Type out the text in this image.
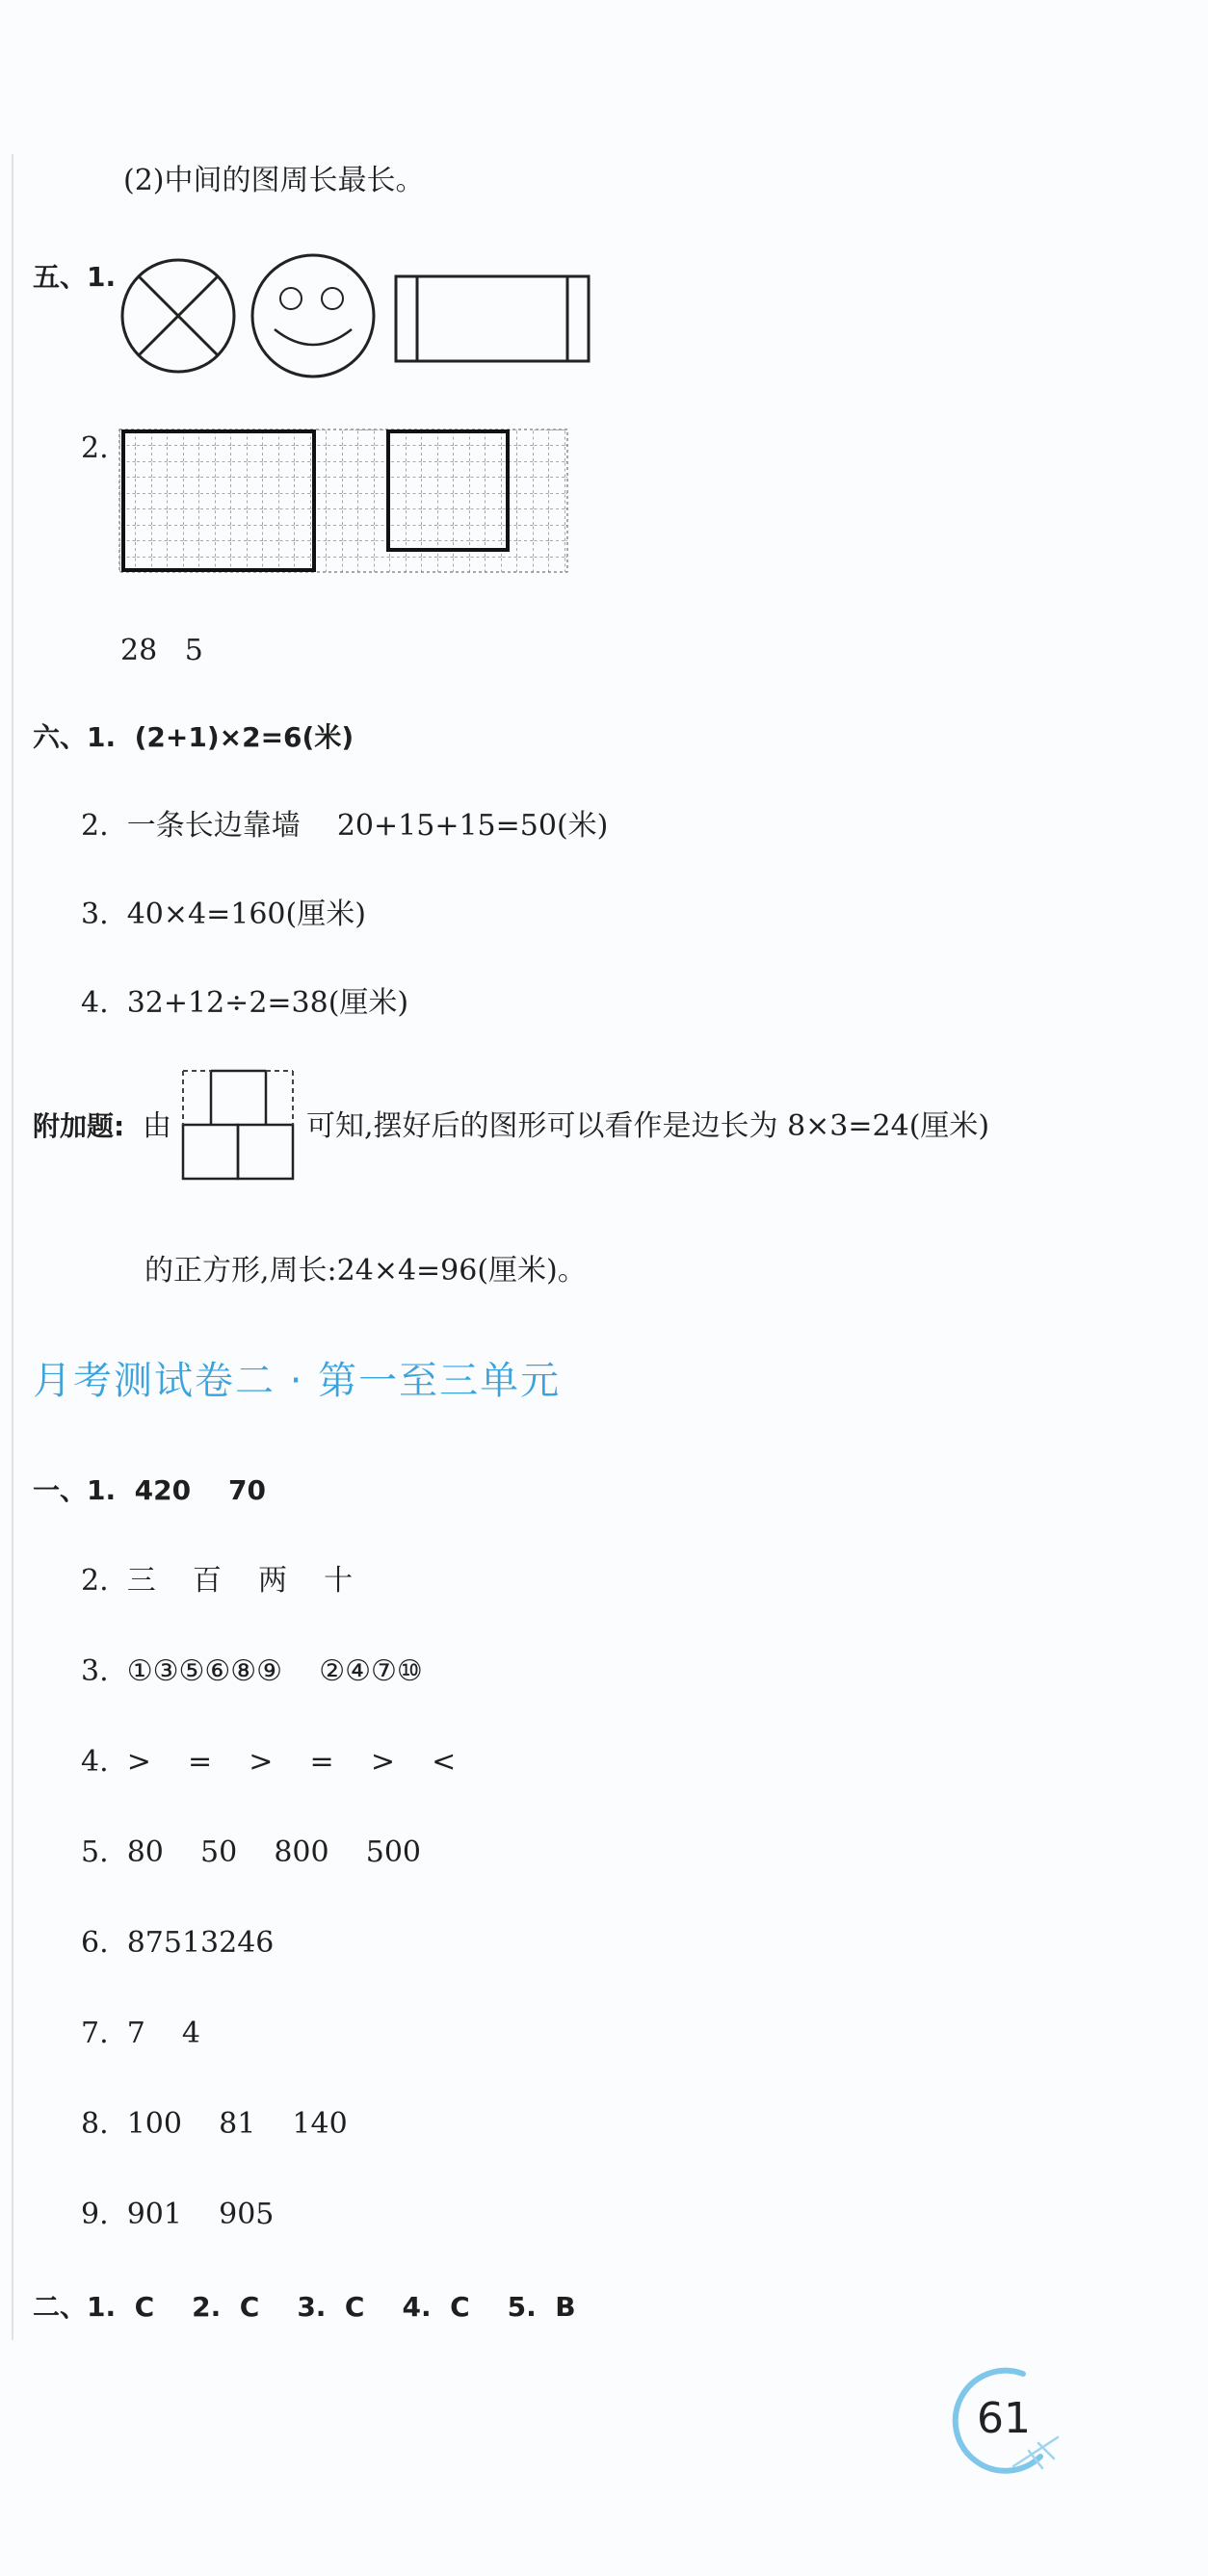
(2)中间的图周长最长。
五、1.
2.
28   5
六、1.  (2+1)×2=6(米)
2.  一条长边靠墙    20+15+15=50(米)
3.  40×4=160(厘米)
4.  32+12÷2=38(厘米)
附加题: 由	可知,摆好后的图形可以看作是边长为 8×3=24(厘米)
的正方形,周长:24×4=96(厘米)。
月考测试卷二 · 第一至三单元
一、1.  420    70
2.  三    百    两    十
3.  ①③⑤⑥⑧⑨    ②④⑦⑩
4.  >    =    >    =    >    <
5.  80    50    800    500
6.  87513246
7.  7    4
8.  100    81    140
9.  901    905
二、1.  C    2.  C    3.  C    4.  C    5.  B
61
